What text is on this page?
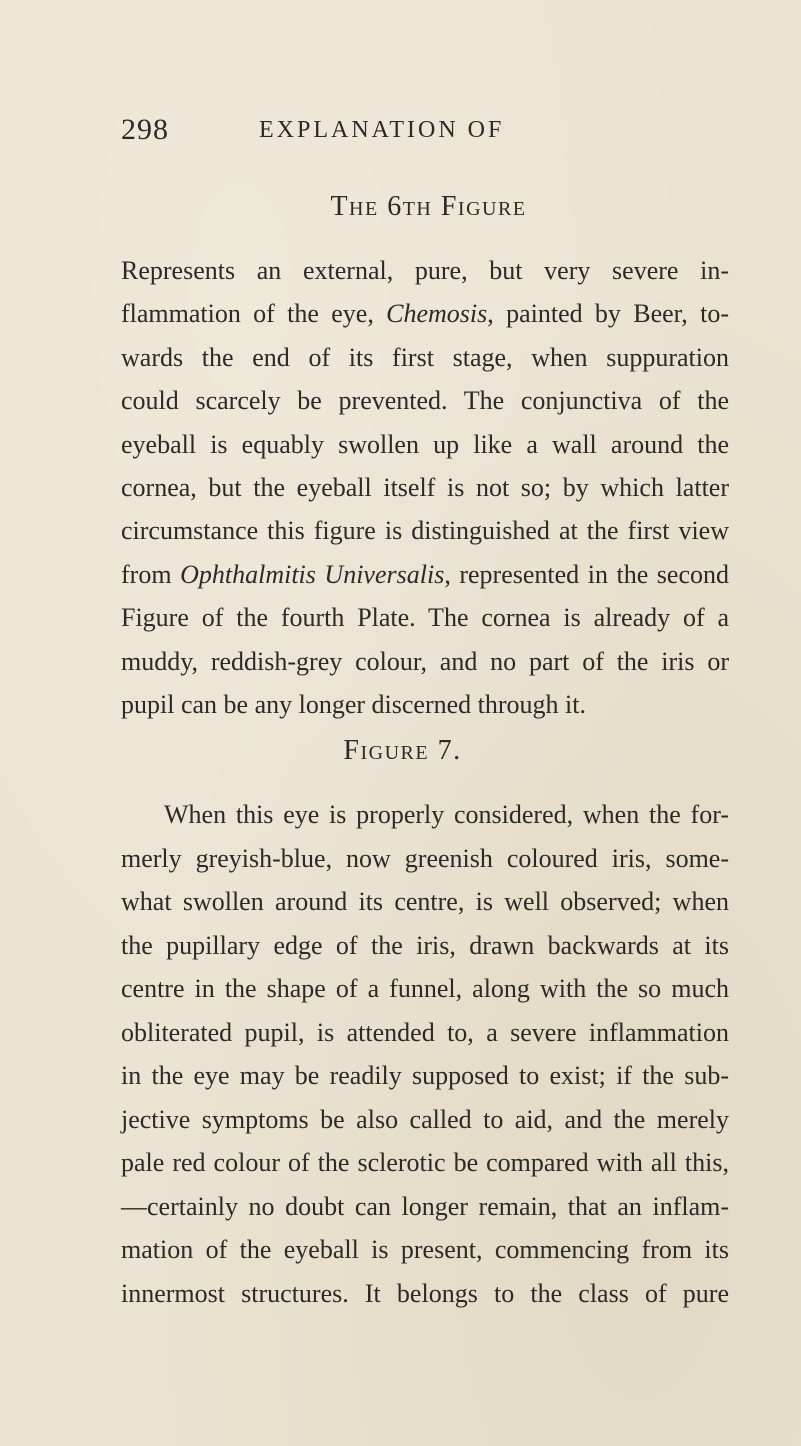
298	EXPLANATION OF
The 6th Figure
Represents an external, pure, but very severe in-
flammation of the eye, Chemosis, painted by Beer, to-
wards the end of its first stage, when suppuration
could scarcely be prevented. The conjunctiva of the
eyeball is equably swollen up like a wall around the
cornea, but the eyeball itself is not so; by which latter
circumstance this figure is distinguished at the first view
from Ophthalmitis Universalis, represented in the second
Figure of the fourth Plate. The cornea is already of a
muddy, reddish-grey colour, and no part of the iris or
pupil can be any longer discerned through it.
Figure 7.
When this eye is properly considered, when the for-
merly greyish-blue, now greenish coloured iris, some-
what swollen around its centre, is well observed; when
the pupillary edge of the iris, drawn backwards at its
centre in the shape of a funnel, along with the so much
obliterated pupil, is attended to, a severe inflammation
in the eye may be readily supposed to exist; if the sub-
jective symptoms be also called to aid, and the merely
pale red colour of the sclerotic be compared with all this,
—certainly no doubt can longer remain, that an inflam-
mation of the eyeball is present, commencing from its
innermost structures. It belongs to the class of pure
